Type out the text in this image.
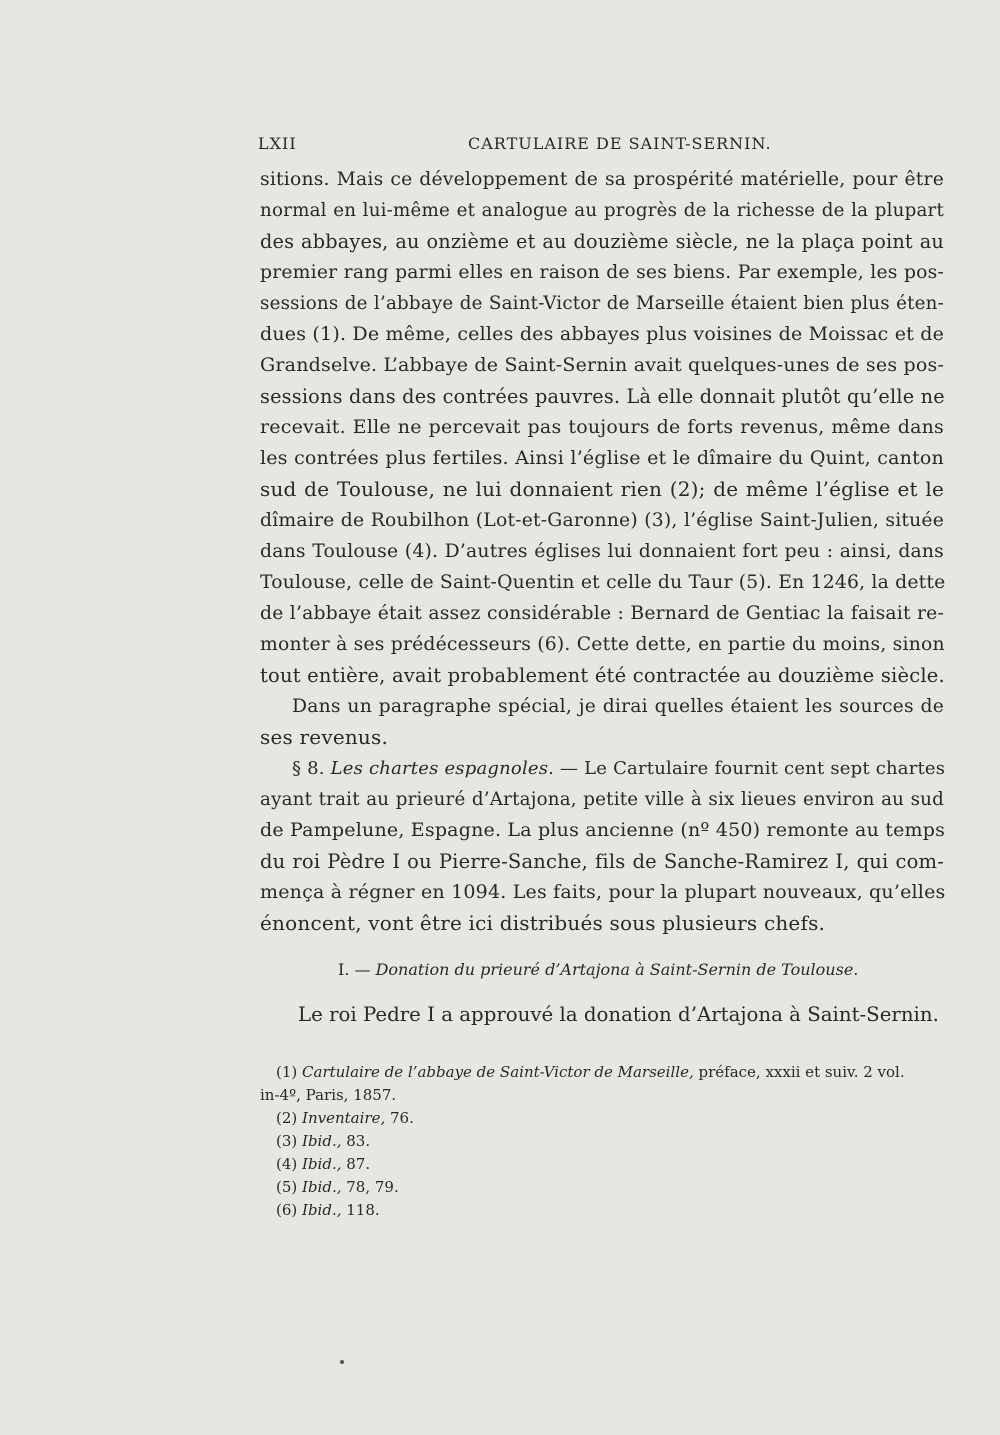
LXII	CARTULAIRE DE SAINT-SERNIN.
sitions. Mais ce développement de sa prospérité matérielle, pour être
normal en lui-même et analogue au progrès de la richesse de la plupart
des abbayes, au onzième et au douzième siècle, ne la plaça point au
premier rang parmi elles en raison de ses biens. Par exemple, les pos-
sessions de l’abbaye de Saint-Victor de Marseille étaient bien plus éten-
dues (1). De même, celles des abbayes plus voisines de Moissac et de
Grandselve. L’abbaye de Saint-Sernin avait quelques-unes de ses pos-
sessions dans des contrées pauvres. Là elle donnait plutôt qu’elle ne
recevait. Elle ne percevait pas toujours de forts revenus, même dans
les contrées plus fertiles. Ainsi l’église et le dîmaire du Quint, canton
sud de Toulouse, ne lui donnaient rien (2); de même l’église et le
dîmaire de Roubilhon (Lot-et-Garonne) (3), l’église Saint-Julien, située
dans Toulouse (4). D’autres églises lui donnaient fort peu : ainsi, dans
Toulouse, celle de Saint-Quentin et celle du Taur (5). En 1246, la dette
de l’abbaye était assez considérable : Bernard de Gentiac la faisait re-
monter à ses prédécesseurs (6). Cette dette, en partie du moins, sinon
tout entière, avait probablement été contractée au douzième siècle.
Dans un paragraphe spécial, je dirai quelles étaient les sources de
ses revenus.
§ 8. Les chartes espagnoles. — Le Cartulaire fournit cent sept chartes
ayant trait au prieuré d’Artajona, petite ville à six lieues environ au sud
de Pampelune, Espagne. La plus ancienne (nº 450) remonte au temps
du roi Pèdre I ou Pierre-Sanche, fils de Sanche-Ramirez I, qui com-
mença à régner en 1094. Les faits, pour la plupart nouveaux, qu’elles
énoncent, vont être ici distribués sous plusieurs chefs.
I. — Donation du prieuré d’Artajona à Saint-Sernin de Toulouse.
Le roi Pedre I a approuvé la donation d’Artajona à Saint-Sernin.
(1) Cartulaire de l’abbaye de Saint-Victor de Marseille, préface, xxxii et suiv. 2 vol.
in-4º, Paris, 1857.
(2) Inventaire, 76.
(3) Ibid., 83.
(4) Ibid., 87.
(5) Ibid., 78, 79.
(6) Ibid., 118.
